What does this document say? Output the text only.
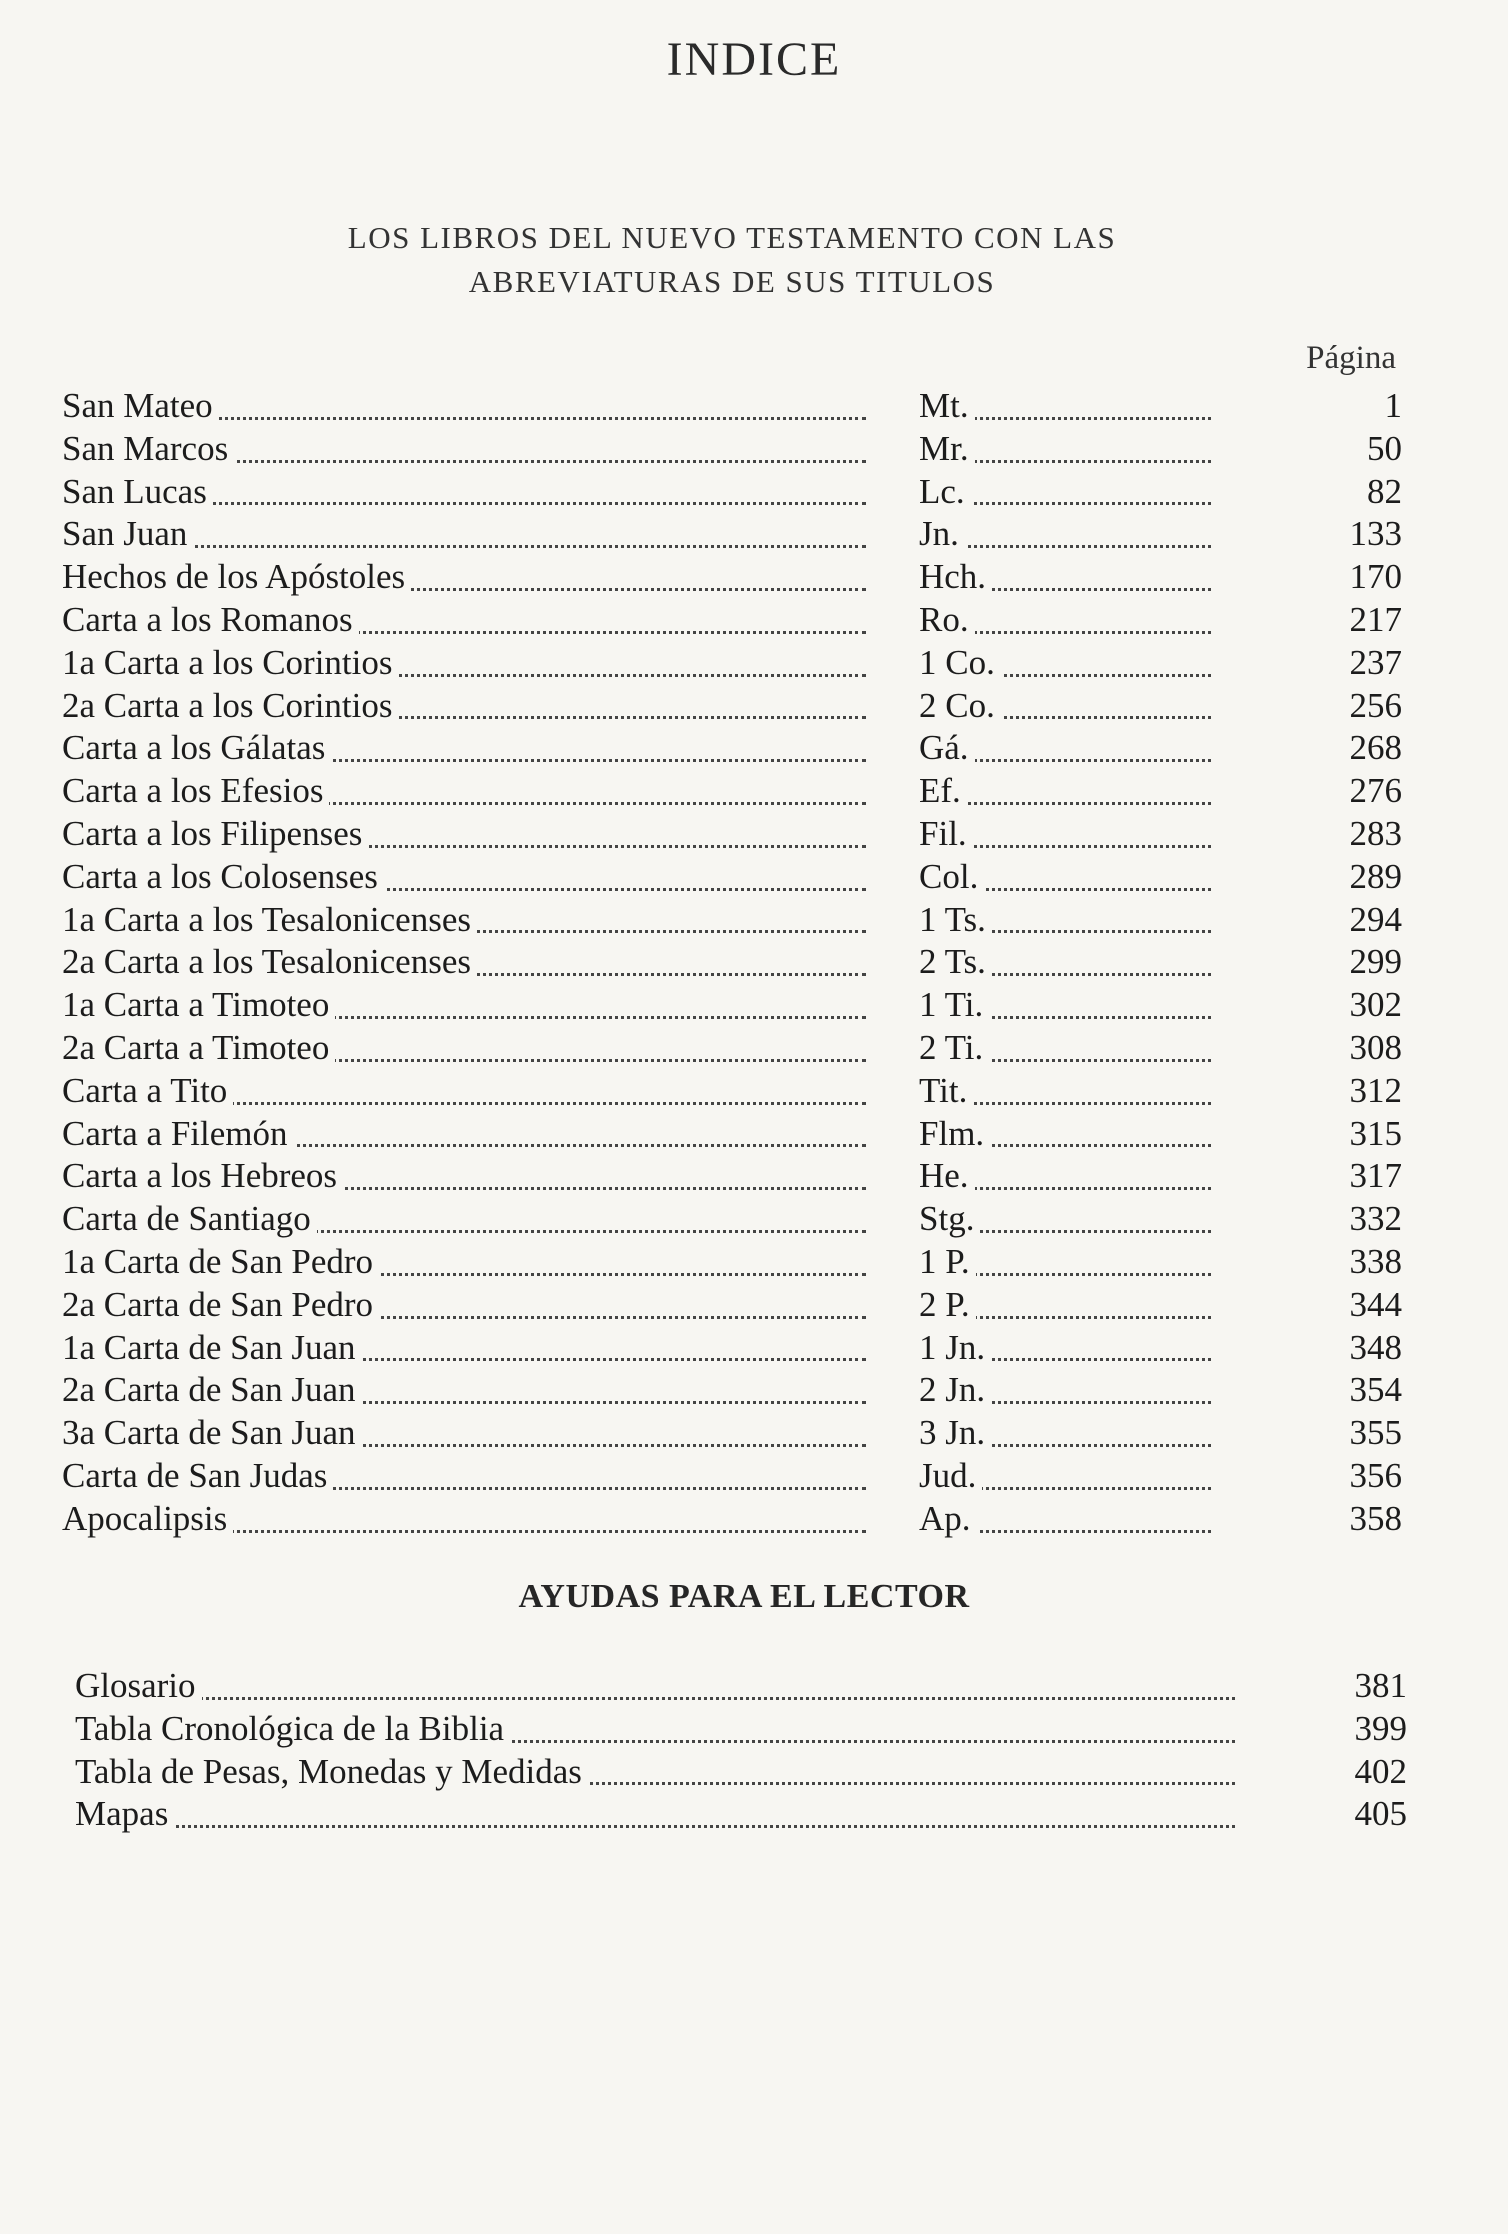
INDICE
LOS LIBROS DEL NUEVO TESTAMENTO CON LAS
ABREVIATURAS DE SUS TITULOS
Página
San Mateo	Mt.	1
San Marcos	Mr.	50
San Lucas	Lc.	82
San Juan	Jn.	133
Hechos de los Apóstoles	Hch.	170
Carta a los Romanos	Ro.	217
1a Carta a los Corintios	1 Co.	237
2a Carta a los Corintios	2 Co.	256
Carta a los Gálatas	Gá.	268
Carta a los Efesios	Ef.	276
Carta a los Filipenses	Fil.	283
Carta a los Colosenses	Col.	289
1a Carta a los Tesalonicenses	1 Ts.	294
2a Carta a los Tesalonicenses	2 Ts.	299
1a Carta a Timoteo	1 Ti.	302
2a Carta a Timoteo	2 Ti.	308
Carta a Tito	Tit.	312
Carta a Filemón	Flm.	315
Carta a los Hebreos	He.	317
Carta de Santiago	Stg.	332
1a Carta de San Pedro	1 P.	338
2a Carta de San Pedro	2 P.	344
1a Carta de San Juan	1 Jn.	348
2a Carta de San Juan	2 Jn.	354
3a Carta de San Juan	3 Jn.	355
Carta de San Judas	Jud.	356
Apocalipsis	Ap.	358
AYUDAS PARA EL LECTOR
Glosario	381
Tabla Cronológica de la Biblia	399
Tabla de Pesas, Monedas y Medidas	402
Mapas	405
